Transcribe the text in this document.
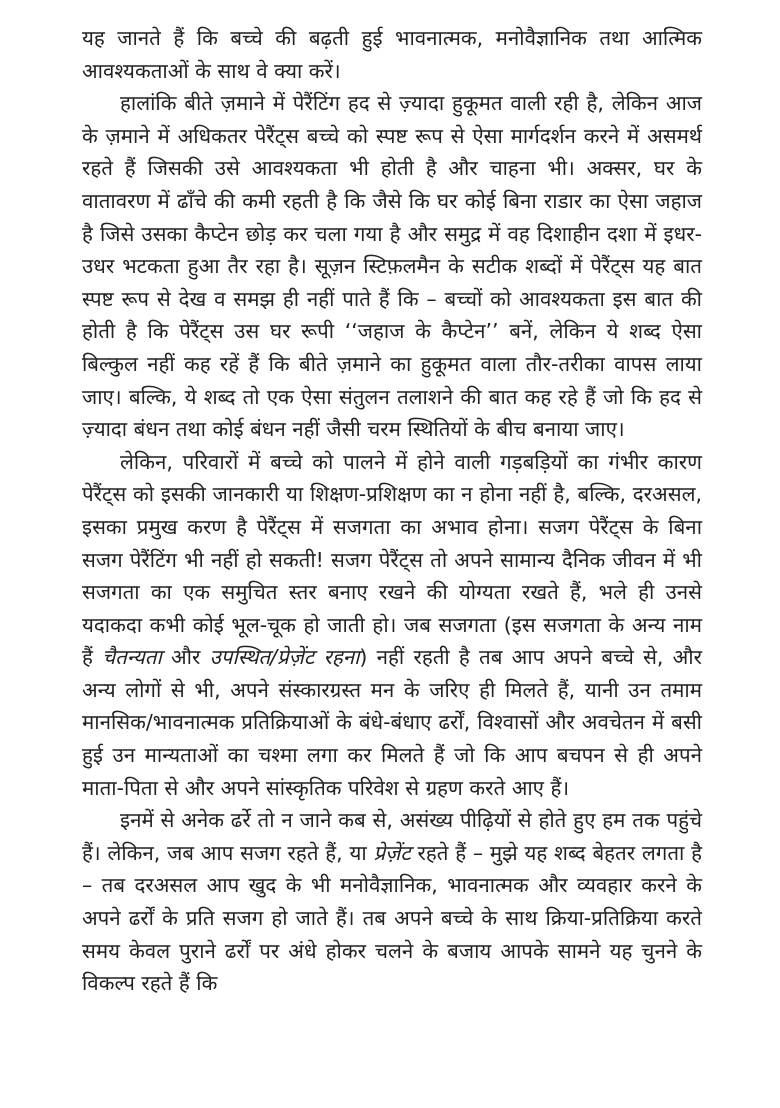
यह जानते हैं कि बच्चे की बढ़ती हुई भावनात्मक, मनोवैज्ञानिक तथा आत्मिक आवश्यकताओं के साथ वे क्या करें।

हालांकि बीते ज़माने में पेरैंटिंग हद से ज़्यादा हुकूमत वाली रही है, लेकिन आज के ज़माने में अधिकतर पेरैंट्स बच्चे को स्पष्ट रूप से ऐसा मार्गदर्शन करने में असमर्थ रहते हैं जिसकी उसे आवश्यकता भी होती है और चाहना भी। अक्सर, घर के वातावरण में ढाँचे की कमी रहती है कि जैसे कि घर कोई बिना राडार का ऐसा जहाज है जिसे उसका कैप्टेन छोड़ कर चला गया है और समुद्र में वह दिशाहीन दशा में इधर-उधर भटकता हुआ तैर रहा है। सूज़न स्टिफ़लमैन के सटीक शब्दों में पेरैंट्स यह बात स्पष्ट रूप से देख व समझ ही नहीं पाते हैं कि – बच्चों को आवश्यकता इस बात की होती है कि पेरैंट्स उस घर रूपी ‘‘जहाज के कैप्टेन’’ बनें, लेकिन ये शब्द ऐसा बिल्कुल नहीं कह रहें हैं कि बीते ज़माने का हुकूमत वाला तौर-तरीका वापस लाया जाए। बल्कि, ये शब्द तो एक ऐसा संतुलन तलाशने की बात कह रहे हैं जो कि हद से ज़्यादा बंधन तथा कोई बंधन नहीं जैसी चरम स्थितियों के बीच बनाया जाए।

लेकिन, परिवारों में बच्चे को पालने में होने वाली गड़बड़ियों का गंभीर कारण पेरैंट्स को इसकी जानकारी या शिक्षण-प्रशिक्षण का न होना नहीं है, बल्कि, दरअसल, इसका प्रमुख करण है पेरैंट्स में सजगता का अभाव होना। सजग पेरैंट्स के बिना सजग पेरैंटिंग भी नहीं हो सकती! सजग पेरैंट्स तो अपने सामान्य दैनिक जीवन में भी सजगता का एक समुचित स्तर बनाए रखने की योग्यता रखते हैं, भले ही उनसे यदाकदा कभी कोई भूल-चूक हो जाती हो। जब सजगता (इस सजगता के अन्य नाम हैं चैतन्यता और उपस्थित/प्रेज़ेंट रहना) नहीं रहती है तब आप अपने बच्चे से, और अन्य लोगों से भी, अपने संस्कारग्रस्त मन के जरिए ही मिलते हैं, यानी उन तमाम मानसिक/भावनात्मक प्रतिक्रियाओं के बंधे-बंधाए ढर्रों, विश्वासों और अवचेतन में बसी हुई उन मान्यताओं का चश्मा लगा कर मिलते हैं जो कि आप बचपन से ही अपने माता-पिता से और अपने सांस्कृतिक परिवेश से ग्रहण करते आए हैं।

इनमें से अनेक ढर्रे तो न जाने कब से, असंख्य पीढ़ियों से होते हुए हम तक पहुंचे हैं। लेकिन, जब आप सजग रहते हैं, या प्रेज़ेंट रहते हैं – मुझे यह शब्द बेहतर लगता है – तब दरअसल आप खुद के भी मनोवैज्ञानिक, भावनात्मक और व्यवहार करने के अपने ढर्रों के प्रति सजग हो जाते हैं। तब अपने बच्चे के साथ क्रिया-प्रतिक्रिया करते समय केवल पुराने ढर्रों पर अंधे होकर चलने के बजाय आपके सामने यह चुनने के विकल्प रहते हैं कि
